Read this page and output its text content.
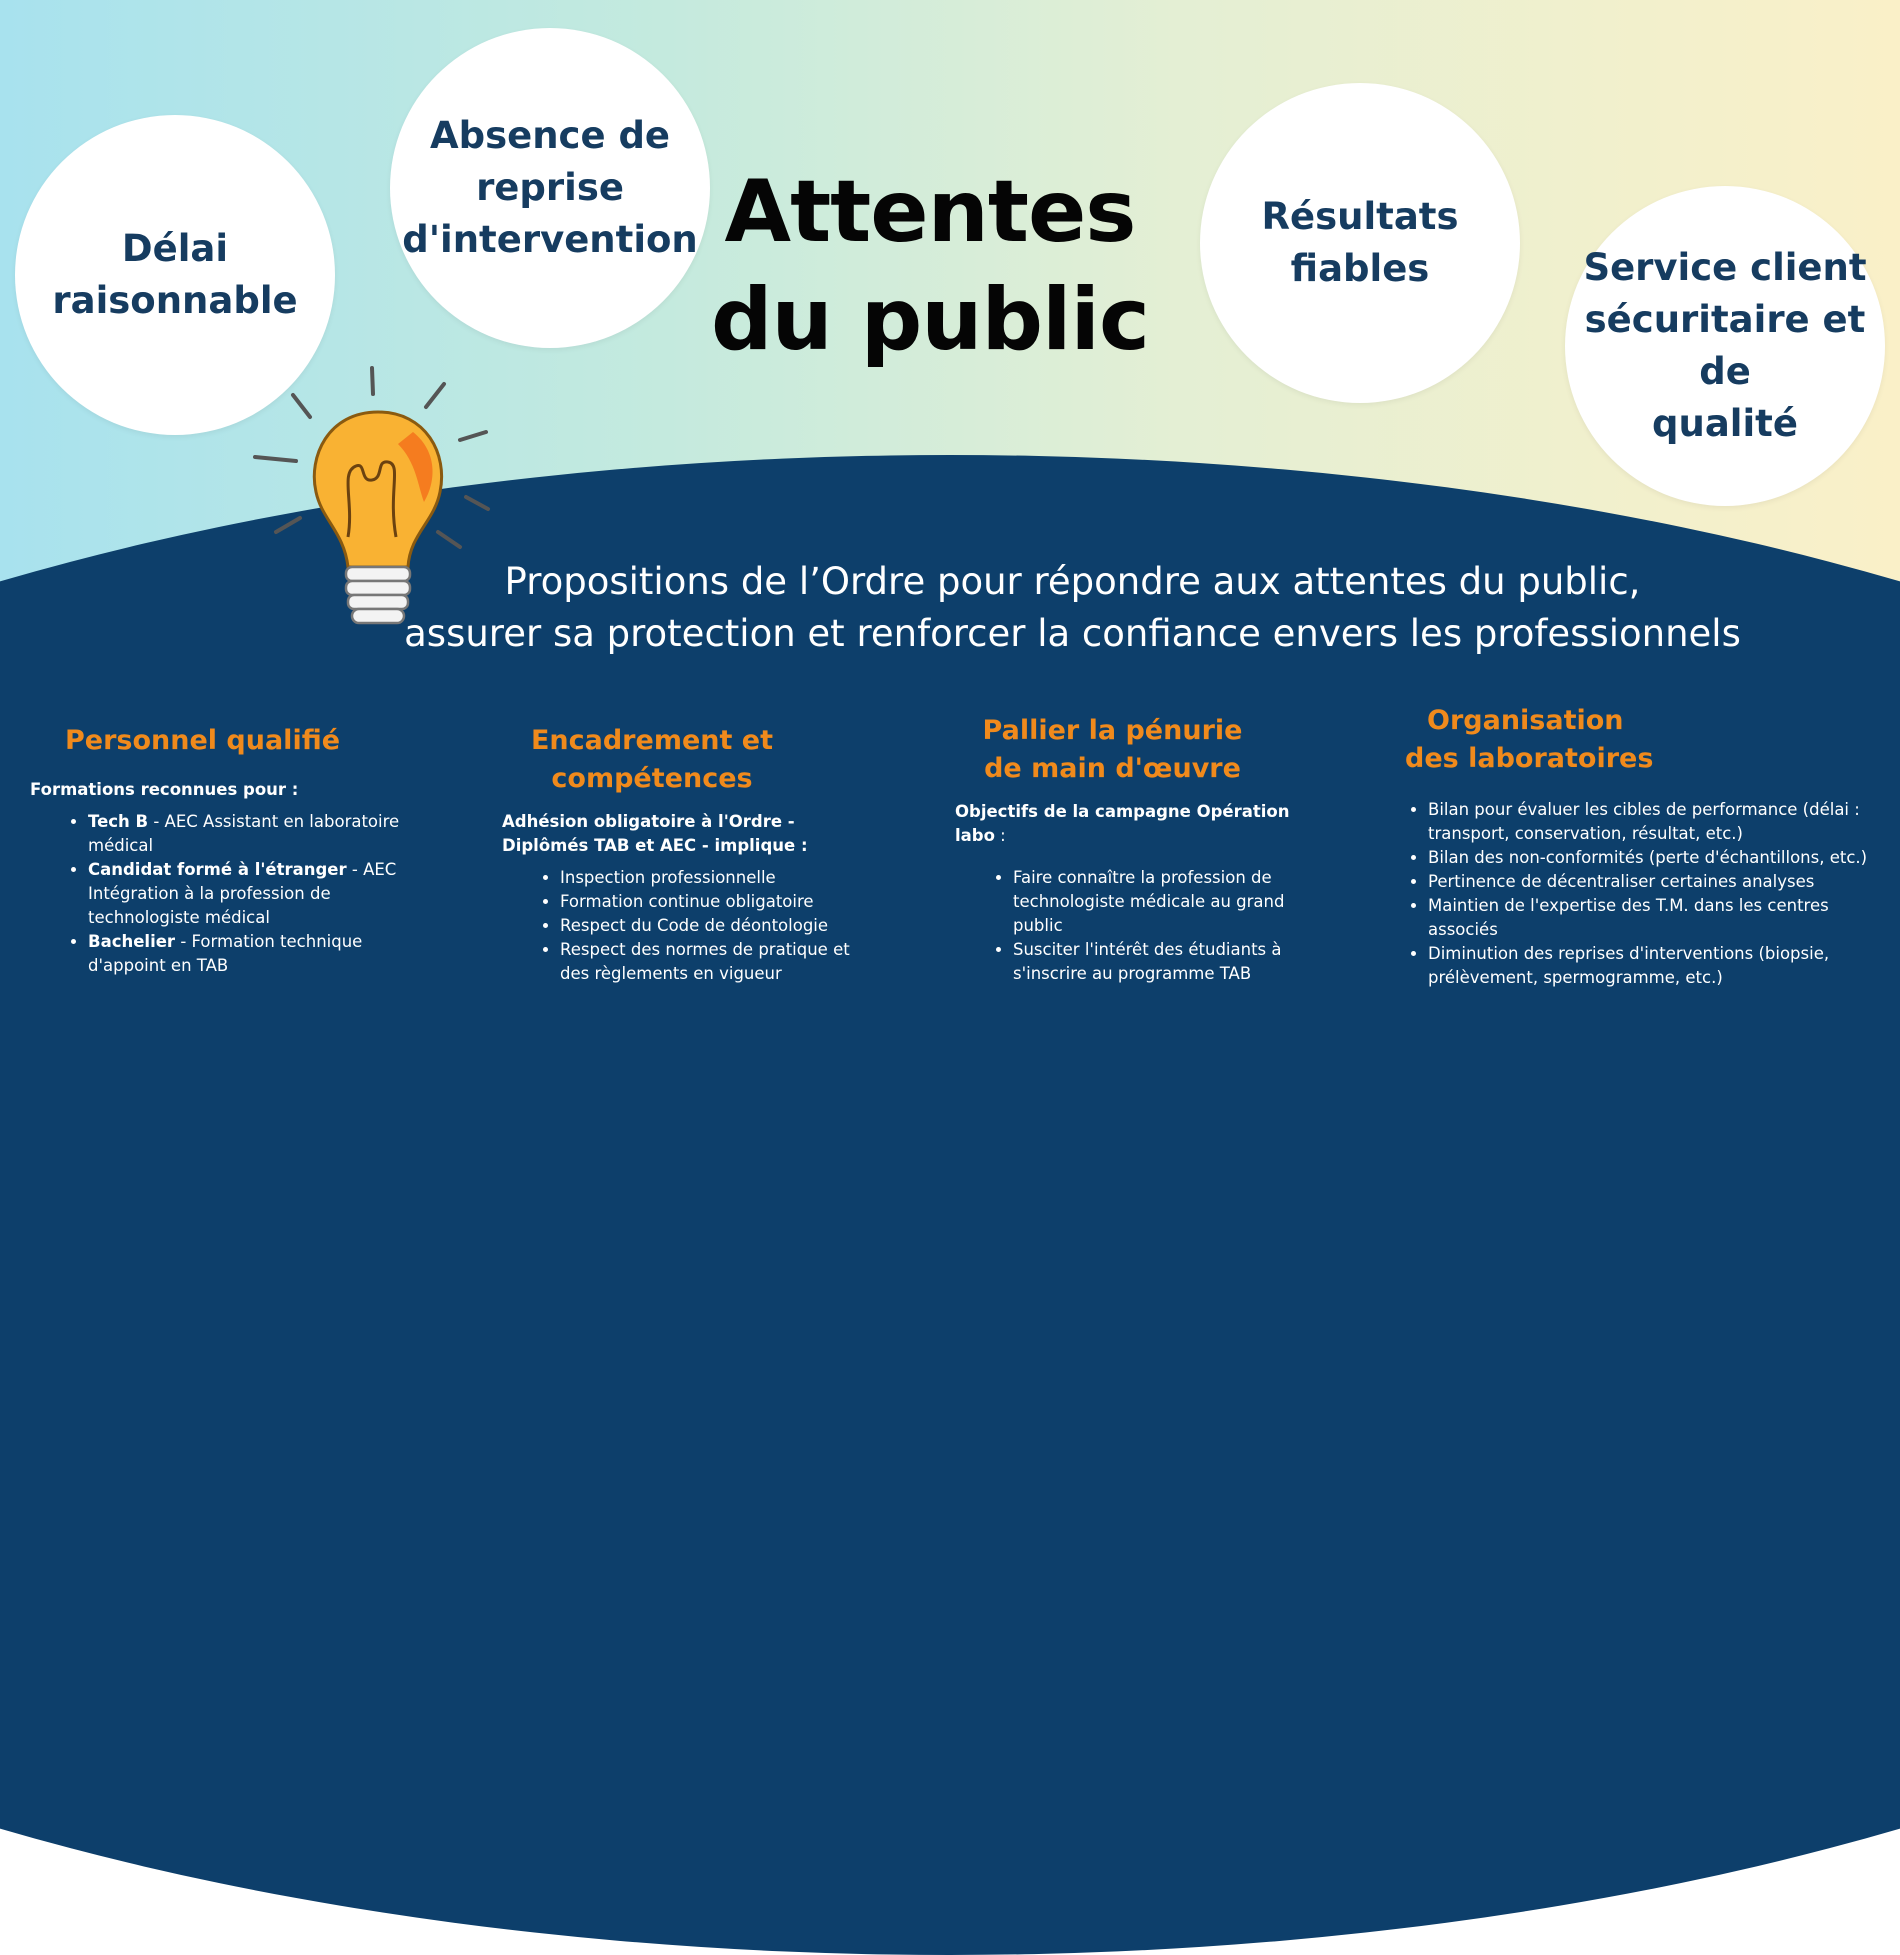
Délai
raisonnable
Absence de
reprise
d'intervention
Résultats
fiables	Service client
sécuritaire et de
qualité
Attentes
du public

Propositions de l’Ordre pour répondre aux attentes du public,
assurer sa protection et renforcer la confiance envers les professionnels

Personnel qualifié

Formations reconnues pour :

• Tech B - AEC Assistant en laboratoire médical
• Candidat formé à l'étranger - AEC Intégration à la profession de technologiste médical
• Bachelier - Formation technique d'appoint en TAB
Encadrement et
compétences

Adhésion obligatoire à l'Ordre -
Diplômés TAB et AEC - implique :

• Inspection professionnelle
• Formation continue obligatoire
• Respect du Code de déontologie
• Respect des normes de pratique et des règlements en vigueur
Pallier la pénurie
de main d'œuvre

Objectifs de la campagne Opération labo :

• Faire connaître la profession de technologiste médicale au grand public
• Susciter l'intérêt des étudiants à s'inscrire au programme TAB
Organisation
des laboratoires
• Bilan pour évaluer les cibles de performance (délai : transport, conservation, résultat, etc.)
• Bilan des non-conformités (perte d'échantillons, etc.)
• Pertinence de décentraliser certaines analyses
• Maintien de l'expertise des T.M. dans les centres associés
• Diminution des reprises d'interventions (biopsie, prélèvement, spermogramme, etc.)
